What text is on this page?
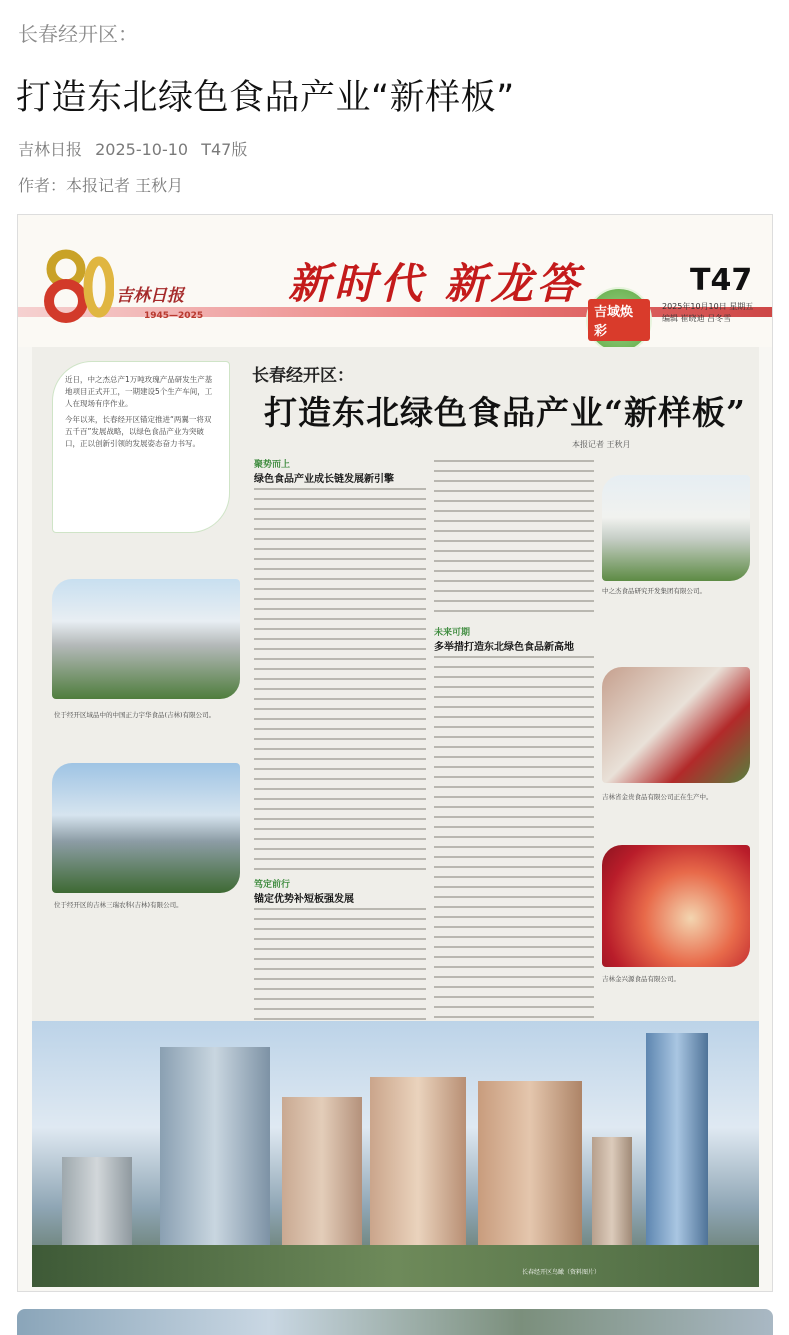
长春经开区：
打造东北绿色食品产业“新样板”
吉林日报 2025-10-10 T47版
作者：本报记者 王秋月
吉林日报
1945—2025
新时代 新龙答	T47
2025年10月10日 星期五
编辑 崔晓迪 吕冬雪
吉域焕彩

近日，中之杰总产1万吨玫瑰产品研发生产基地项目正式开工，一期建设5个生产车间，工人在现场有序作业。

今年以来，长春经开区锚定推进“两翼一将双五千百”发展战略，以绿色食品产业为突破口，正以创新引领的发展姿态奋力书写。

长春经开区：
打造东北绿色食品产业“新样板”
本报记者 王秋月
位于经开区域品中的中国正力宇华食品(吉林)有限公司。
位于经开区的吉林三瑞农科(吉林)有限公司。
聚势而上
绿色食品产业成长链发展新引擎
笃定前行
锚定优势补短板强发展
未来可期
多举措打造东北绿色食品新高地
中之杰食品研究开发集团有限公司。
吉林省金贵食品有限公司正在生产中。
吉林金兴源食品有限公司。
长春经开区鸟瞰（资料图片）
